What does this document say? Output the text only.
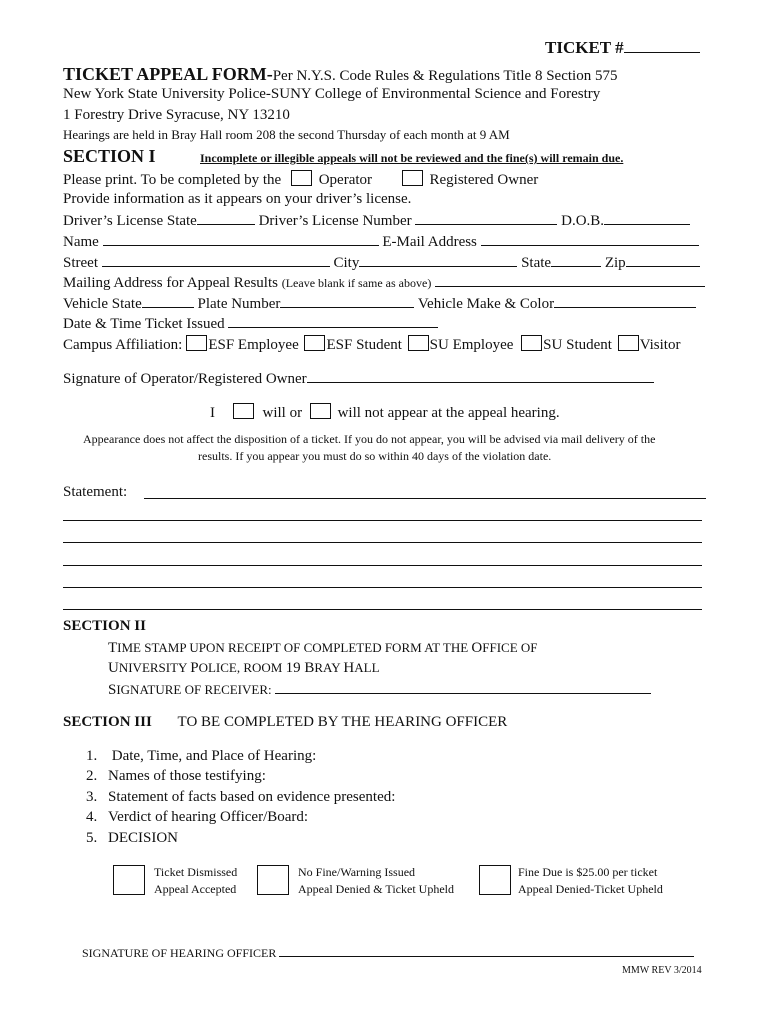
TICKET #
TICKET APPEAL FORM-Per N.Y.S. Code Rules & Regulations Title 8 Section 575
New York State University Police-SUNY College of Environmental Science and Forestry
1 Forestry Drive Syracuse, NY 13210
Hearings are held in Bray Hall room 208 the second Thursday of each month at 9 AM
SECTION I	Incomplete or illegible appeals will not be reviewed and the fine(s) will remain due.
Please print. To be completed by the	Operator	Registered Owner
Provide information as it appears on your driver’s license.
Driver’s License State	Driver’s License Number	D.O.B.
Name	E-Mail Address
Street	City	State	Zip
Mailing Address for Appeal Results (Leave blank if same as above)
Vehicle State	Plate Number	Vehicle Make & Color
Date & Time Ticket Issued
Campus Affiliation: ESF Employee ESF Student SU Employee SU Student Visitor
Signature of Operator/Registered Owner
I	will or will not appear at the appeal hearing.
Appearance does not affect the disposition of a ticket. If you do not appear, you will be advised via mail delivery of the
results. If you appear you must do so within 40 days of the violation date.
Statement:
SECTION II
TIME STAMP UPON RECEIPT OF COMPLETED FORM AT THE OFFICE OF
UNIVERSITY POLICE, ROOM 19 BRAY HALL
SIGNATURE OF RECEIVER:
SECTION III TO BE COMPLETED BY THE HEARING OFFICER
1. Date, Time, and Place of Hearing:
2. Names of those testifying:
3. Statement of facts based on evidence presented:
4. Verdict of hearing Officer/Board:
5. DECISION
Ticket Dismissed
Appeal Accepted
No Fine/Warning Issued
Appeal Denied & Ticket Upheld
Fine Due is $25.00 per ticket
Appeal Denied-Ticket Upheld
SIGNATURE OF HEARING OFFICER
MMW REV 3/2014
